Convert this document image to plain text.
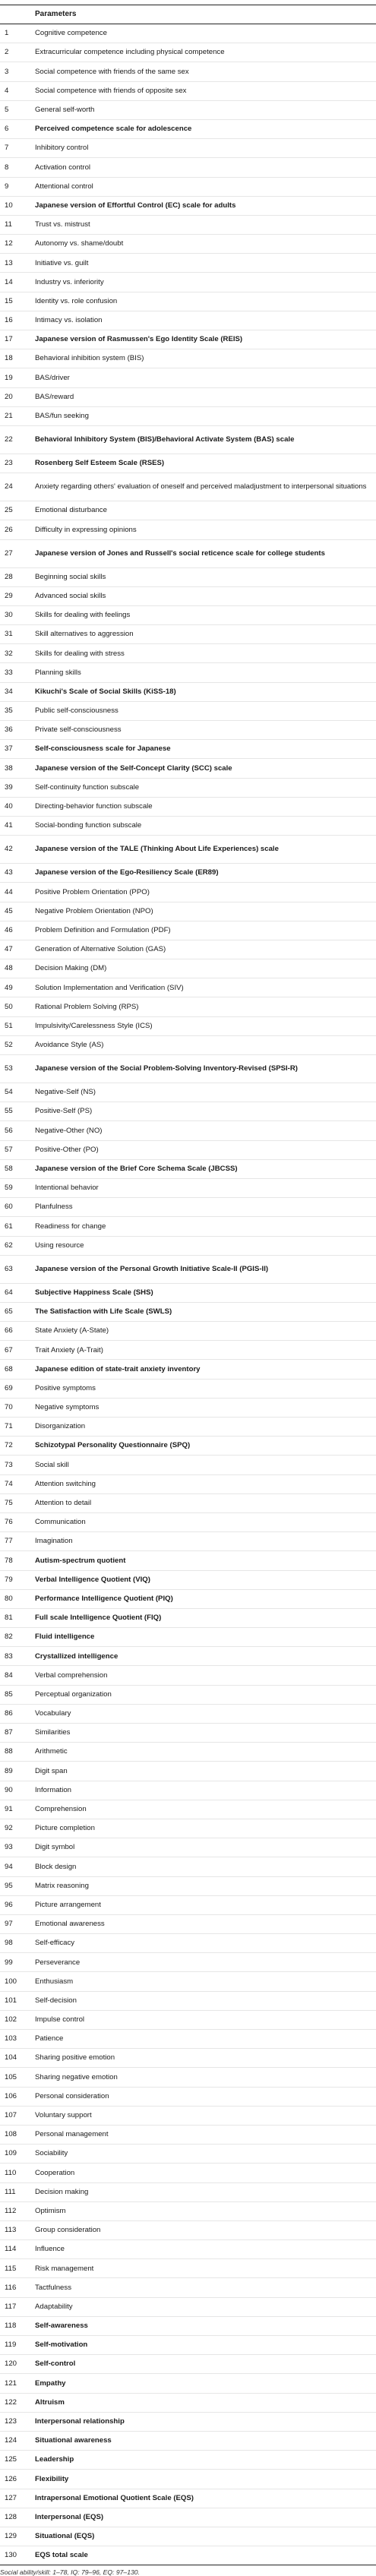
	Parameters
1	Cognitive competence
2	Extracurricular competence including physical competence
3	Social competence with friends of the same sex
4	Social competence with friends of opposite sex
5	General self-worth
6	Perceived competence scale for adolescence
7	Inhibitory control
8	Activation control
9	Attentional control
10	Japanese version of Effortful Control (EC) scale for adults
11	Trust vs. mistrust
12	Autonomy vs. shame/doubt
13	Initiative vs. guilt
14	Industry vs. inferiority
15	Identity vs. role confusion
16	Intimacy vs. isolation
17	Japanese version of Rasmussen's Ego Identity Scale (REIS)
18	Behavioral inhibition system (BIS)
19	BAS/driver
20	BAS/reward
21	BAS/fun seeking
22	Behavioral Inhibitory System (BIS)/Behavioral Activate System (BAS) scale
23	Rosenberg Self Esteem Scale (RSES)
24	Anxiety regarding others' evaluation of oneself and perceived maladjustment to interpersonal situations
25	Emotional disturbance
26	Difficulty in expressing opinions
27	Japanese version of Jones and Russell's social reticence scale for college students
28	Beginning social skills
29	Advanced social skills
30	Skills for dealing with feelings
31	Skill alternatives to aggression
32	Skills for dealing with stress
33	Planning skills
34	Kikuchi's Scale of Social Skills (KiSS-18)
35	Public self-consciousness
36	Private self-consciousness
37	Self-consciousness scale for Japanese
38	Japanese version of the Self-Concept Clarity (SCC) scale
39	Self-continuity function subscale
40	Directing-behavior function subscale
41	Social-bonding function subscale
42	Japanese version of the TALE (Thinking About Life Experiences) scale
43	Japanese version of the Ego-Resiliency Scale (ER89)
44	Positive Problem Orientation (PPO)
45	Negative Problem Orientation (NPO)
46	Problem Definition and Formulation (PDF)
47	Generation of Alternative Solution (GAS)
48	Decision Making (DM)
49	Solution Implementation and Verification (SIV)
50	Rational Problem Solving (RPS)
51	Impulsivity/Carelessness Style (ICS)
52	Avoidance Style (AS)
53	Japanese version of the Social Problem-Solving Inventory-Revised (SPSI-R)
54	Negative-Self (NS)
55	Positive-Self (PS)
56	Negative-Other (NO)
57	Positive-Other (PO)
58	Japanese version of the Brief Core Schema Scale (JBCSS)
59	Intentional behavior
60	Planfulness
61	Readiness for change
62	Using resource
63	Japanese version of the Personal Growth Initiative Scale-II (PGIS-II)
64	Subjective Happiness Scale (SHS)
65	The Satisfaction with Life Scale (SWLS)
66	State Anxiety (A-State)
67	Trait Anxiety (A-Trait)
68	Japanese edition of state-trait anxiety inventory
69	Positive symptoms
70	Negative symptoms
71	Disorganization
72	Schizotypal Personality Questionnaire (SPQ)
73	Social skill
74	Attention switching
75	Attention to detail
76	Communication
77	Imagination
78	Autism-spectrum quotient
79	Verbal Intelligence Quotient (VIQ)
80	Performance Intelligence Quotient (PIQ)
81	Full scale Intelligence Quotient (FIQ)
82	Fluid intelligence
83	Crystallized intelligence
84	Verbal comprehension
85	Perceptual organization
86	Vocabulary
87	Similarities
88	Arithmetic
89	Digit span
90	Information
91	Comprehension
92	Picture completion
93	Digit symbol
94	Block design
95	Matrix reasoning
96	Picture arrangement
97	Emotional awareness
98	Self-efficacy
99	Perseverance
100	Enthusiasm
101	Self-decision
102	Impulse control
103	Patience
104	Sharing positive emotion
105	Sharing negative emotion
106	Personal consideration
107	Voluntary support
108	Personal management
109	Sociability
110	Cooperation
111	Decision making
112	Optimism
113	Group consideration
114	Influence
115	Risk management
116	Tactfulness
117	Adaptability
118	Self-awareness
119	Self-motivation
120	Self-control
121	Empathy
122	Altruism
123	Interpersonal relationship
124	Situational awareness
125	Leadership
126	Flexibility
127	Intrapersonal Emotional Quotient Scale (EQS)
128	Interpersonal (EQS)
129	Situational (EQS)
130	EQS total scale
Social ability/skill: 1–78, IQ: 79–96, EQ: 97–130.
